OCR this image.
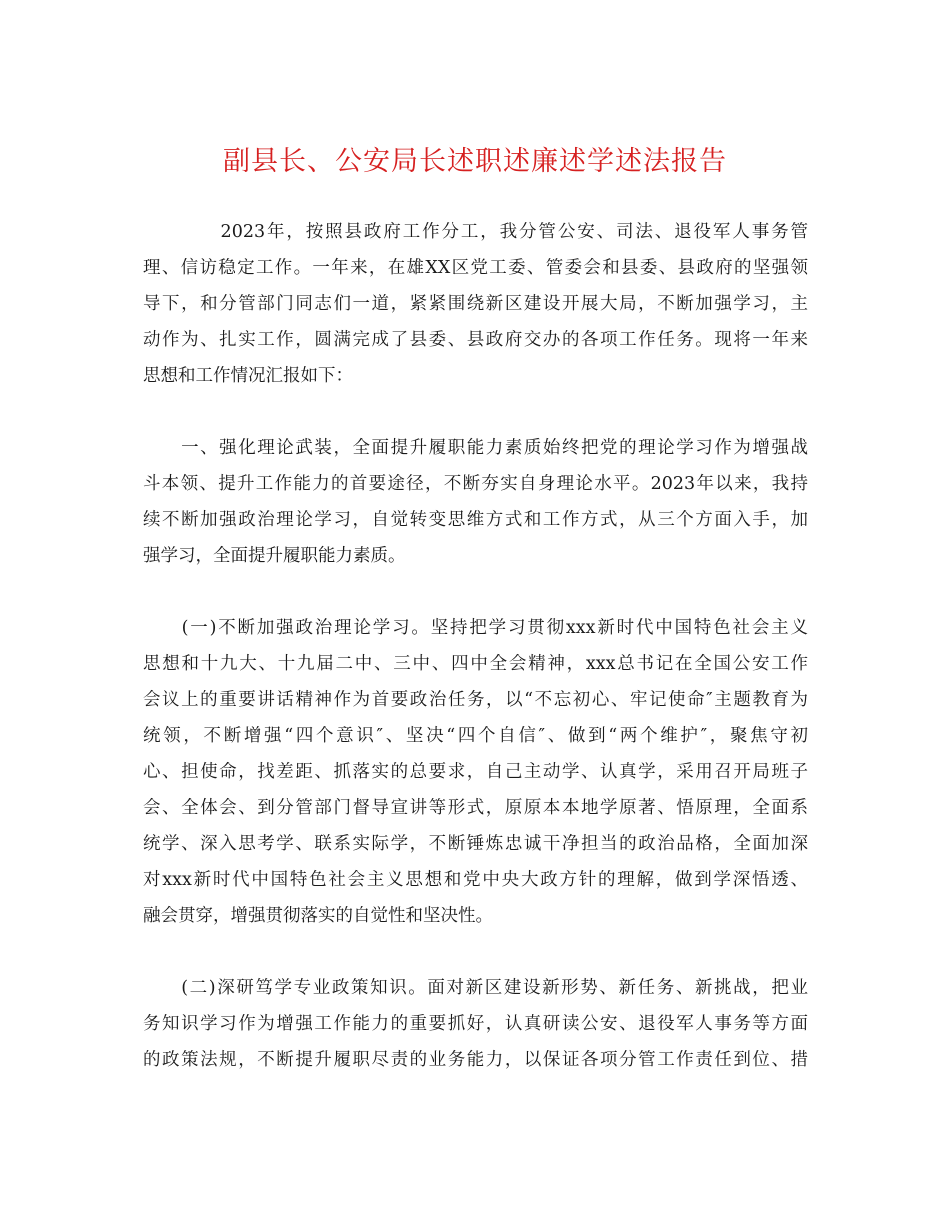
副县长、公安局长述职述廉述学述法报告
　　　　2023年，按照县政府工作分工，我分管公安、司法、退役军人事务管
理、信访稳定工作。一年来，在雄XX区党工委、管委会和县委、县政府的坚强领
导下，和分管部门同志们一道，紧紧围绕新区建设开展大局，不断加强学习，主
动作为、扎实工作，圆满完成了县委、县政府交办的各项工作任务。现将一年来
思想和工作情况汇报如下：
　　一、强化理论武装，全面提升履职能力素质始终把党的理论学习作为增强战
斗本领、提升工作能力的首要途径，不断夯实自身理论水平。2023年以来，我持
续不断加强政治理论学习，自觉转变思维方式和工作方式，从三个方面入手，加
强学习，全面提升履职能力素质。
　　(一)不断加强政治理论学习。坚持把学习贯彻xxx新时代中国特色社会主义
思想和十九大、十九届二中、三中、四中全会精神，xxx总书记在全国公安工作
会议上的重要讲话精神作为首要政治任务，以“不忘初心、牢记使命″主题教育为
统领，不断增强“四个意识″、坚决“四个自信″、做到“两个维护″，聚焦守初
心、担使命，找差距、抓落实的总要求，自己主动学、认真学，采用召开局班子
会、全体会、到分管部门督导宣讲等形式，原原本本地学原著、悟原理，全面系
统学、深入思考学、联系实际学，不断锤炼忠诚干净担当的政治品格，全面加深
对xxx新时代中国特色社会主义思想和党中央大政方针的理解，做到学深悟透、
融会贯穿，增强贯彻落实的自觉性和坚决性。
　　(二)深研笃学专业政策知识。面对新区建设新形势、新任务、新挑战，把业
务知识学习作为增强工作能力的重要抓好，认真研读公安、退役军人事务等方面
的政策法规，不断提升履职尽责的业务能力，以保证各项分管工作责任到位、措
